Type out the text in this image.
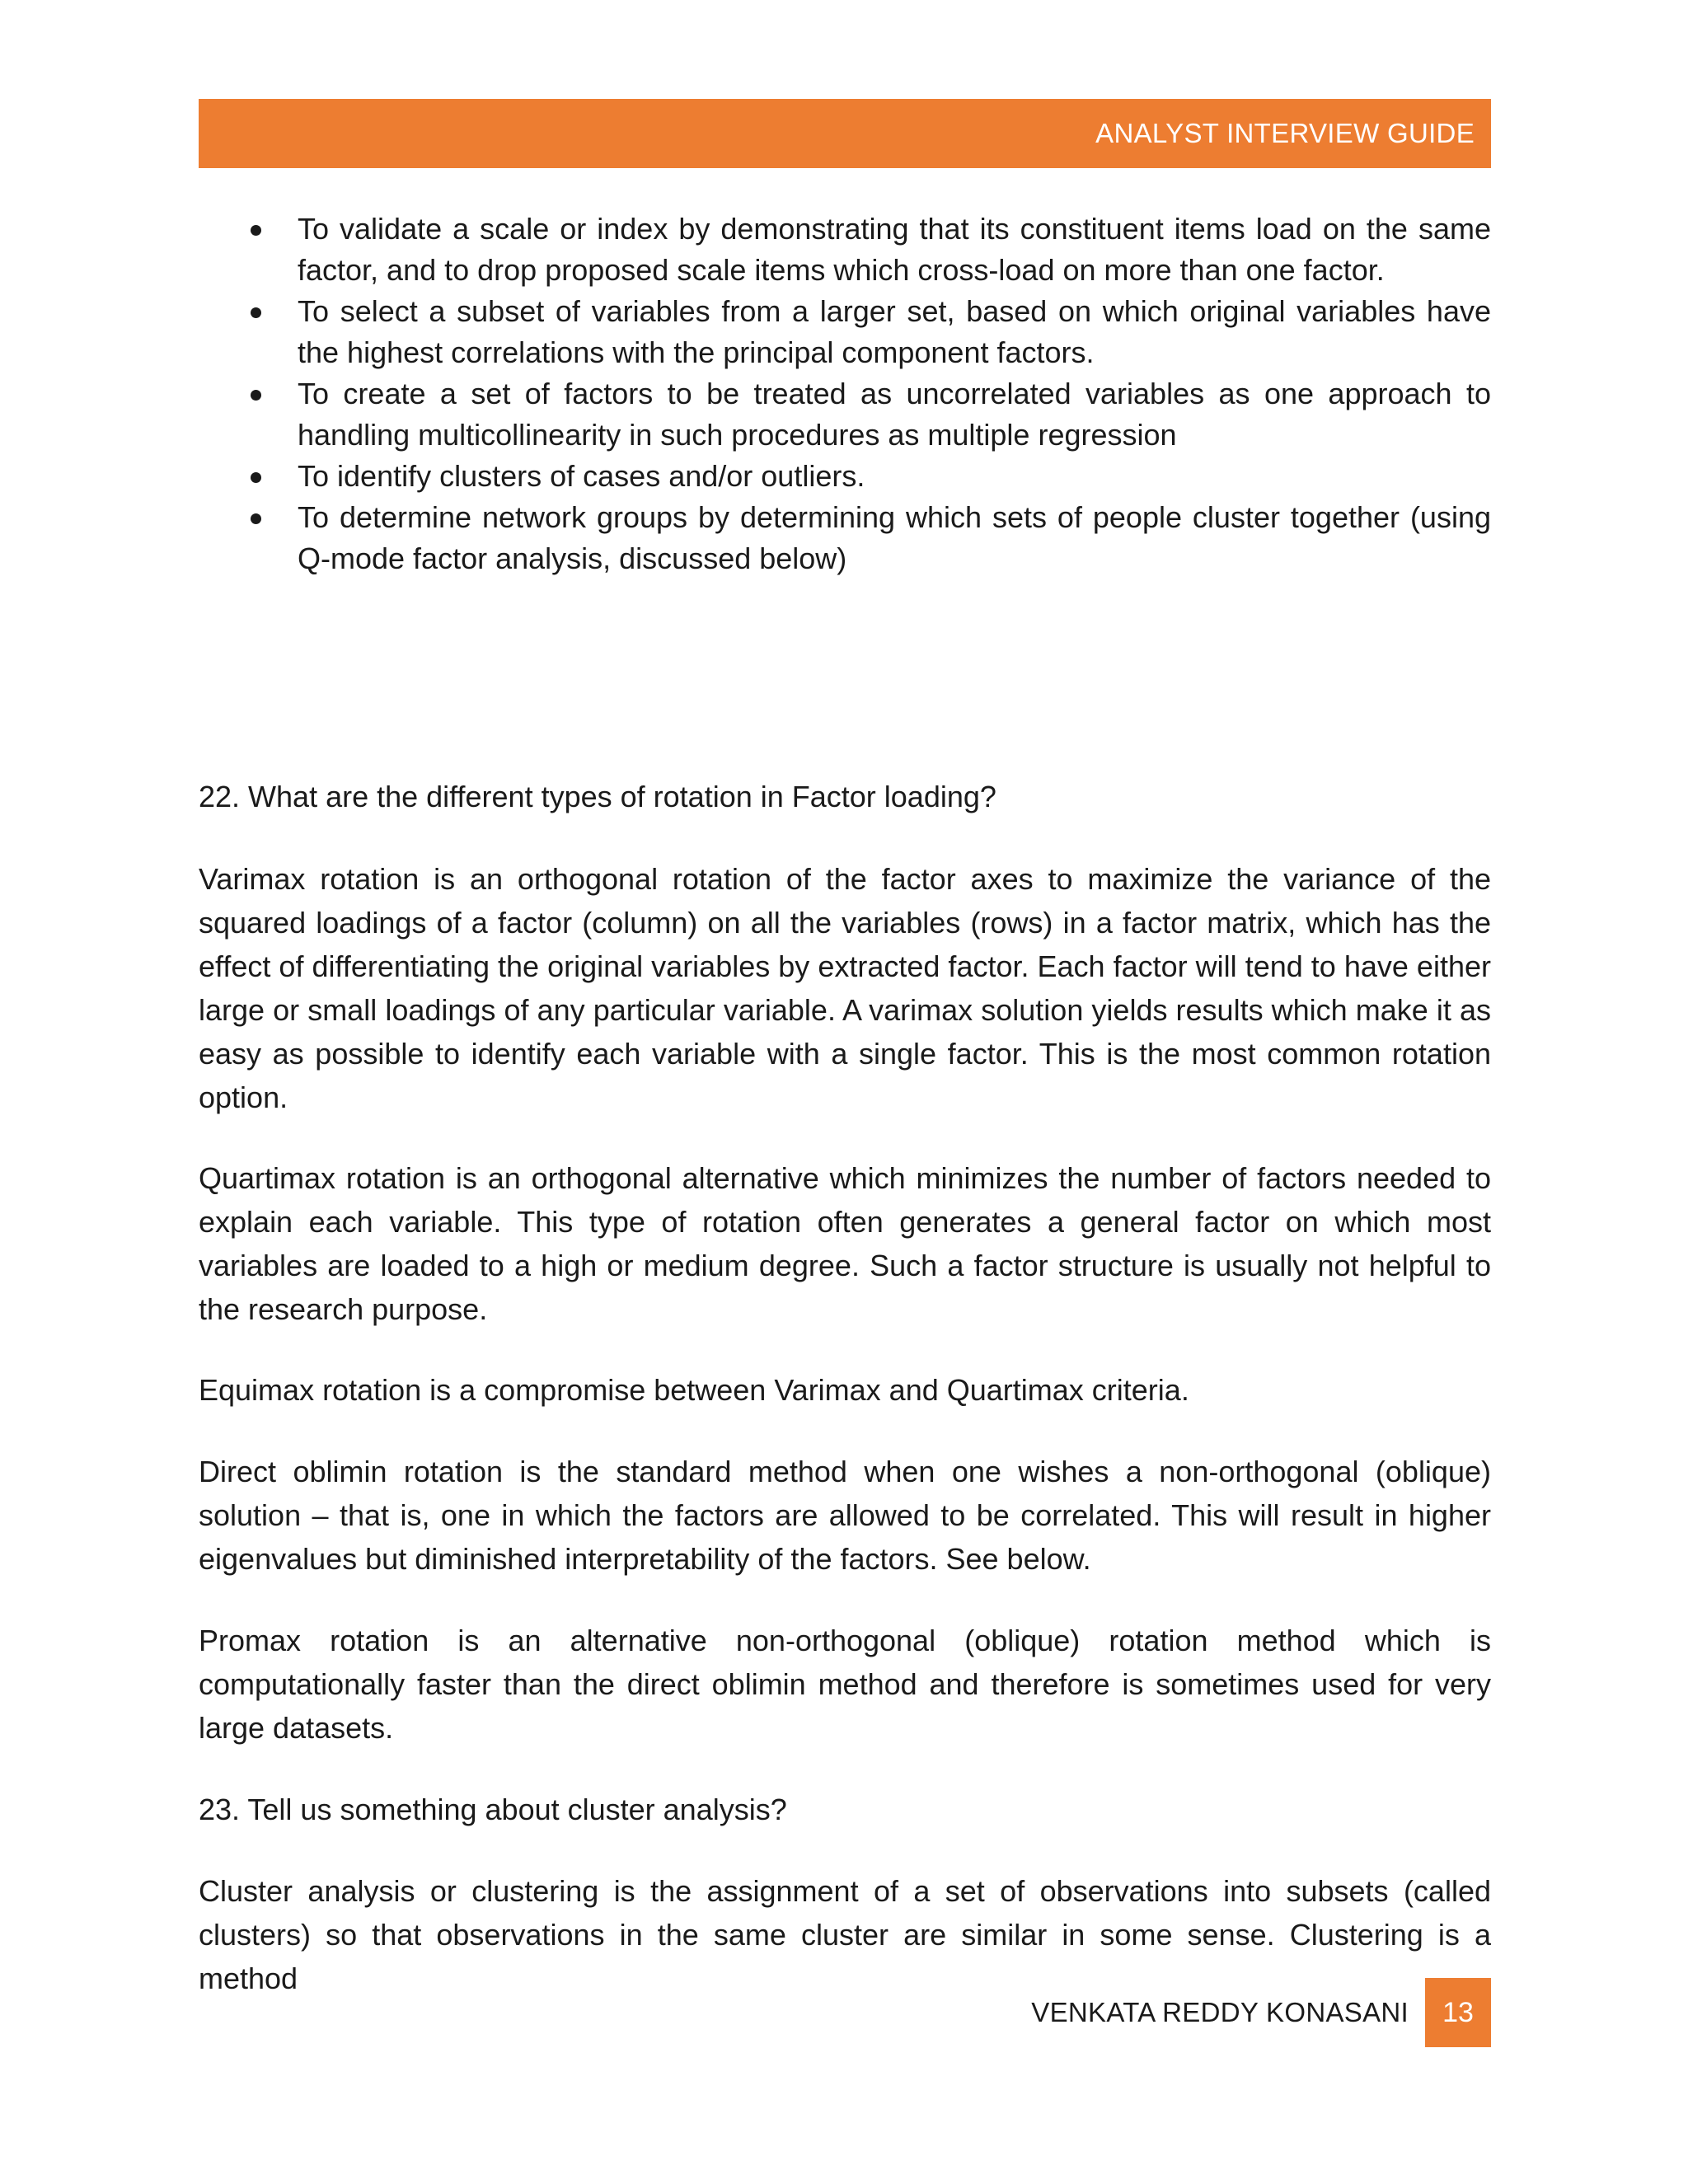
ANALYST INTERVIEW GUIDE
To validate a scale or index by demonstrating that its constituent items load on the same factor, and to drop proposed scale items which cross-load on more than one factor.
To select a subset of variables from a larger set, based on which original variables have the highest correlations with the principal component factors.
To create a set of factors to be treated as uncorrelated variables as one approach to handling multicollinearity in such procedures as multiple regression
To identify clusters of cases and/or outliers.
To determine network groups by determining which sets of people cluster together (using Q-mode factor analysis, discussed below)

22. What are the different types of rotation in Factor loading?

Varimax rotation is an orthogonal rotation of the factor axes to maximize the variance of the squared loadings of a factor (column) on all the variables (rows) in a factor matrix, which has the effect of differentiating the original variables by extracted factor. Each factor will tend to have either large or small loadings of any particular variable. A varimax solution yields results which make it as easy as possible to identify each variable with a single factor. This is the most common rotation option.

Quartimax rotation is an orthogonal alternative which minimizes the number of factors needed to explain each variable. This type of rotation often generates a general factor on which most variables are loaded to a high or medium degree. Such a factor structure is usually not helpful to the research purpose.

Equimax rotation is a compromise between Varimax and Quartimax criteria.

Direct oblimin rotation is the standard method when one wishes a non-orthogonal (oblique) solution – that is, one in which the factors are allowed to be correlated. This will result in higher eigenvalues but diminished interpretability of the factors. See below.

Promax rotation is an alternative non-orthogonal (oblique) rotation method which is computationally faster than the direct oblimin method and therefore is sometimes used for very large datasets.

23. Tell us something about cluster analysis?

Cluster analysis or clustering is the assignment of a set of observations into subsets (called clusters) so that observations in the same cluster are similar in some sense. Clustering is a method

VENKATA REDDY KONASANI	13
